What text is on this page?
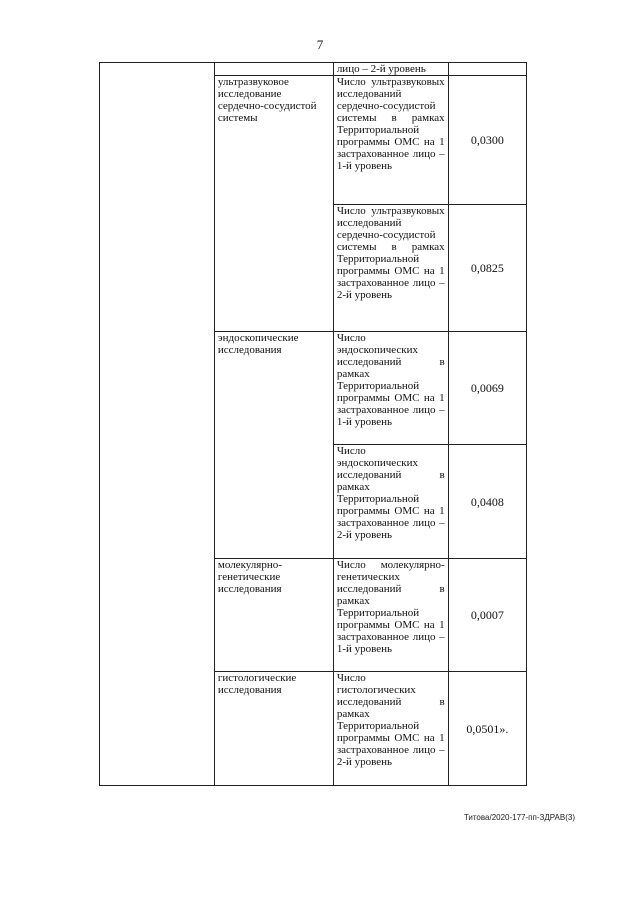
7
		лицо – 2-й уровень	
	ультразвуковое исследование сердечно-сосудистой системы	Число ультразвуковых исследований сердечно-сосудистой системы в рамках Территориальной программы ОМС на 1 застрахованное лицо – 1-й уровень	0,0300
		Число ультразвуковых исследований сердечно-сосудистой системы в рамках Территориальной программы ОМС на 1 застрахованное лицо – 2-й уровень	0,0825
	эндоскопические исследования	Число эндоскопических исследований в рамках Территориальной программы ОМС на 1 застрахованное лицо – 1-й уровень	0,0069
		Число эндоскопических исследований в рамках Территориальной программы ОМС на 1 застрахованное лицо – 2-й уровень	0,0408
	молекулярно-генетические исследования	Число молекулярно-генетических исследований в рамках Территориальной программы ОМС на 1 застрахованное лицо – 1-й уровень	0,0007
	гистологические исследования	Число гистологических исследований в рамках Территориальной программы ОМС на 1 застрахованное лицо – 2-й уровень	0,0501».
Титова/2020-177-пп-ЗДРАВ(3)
